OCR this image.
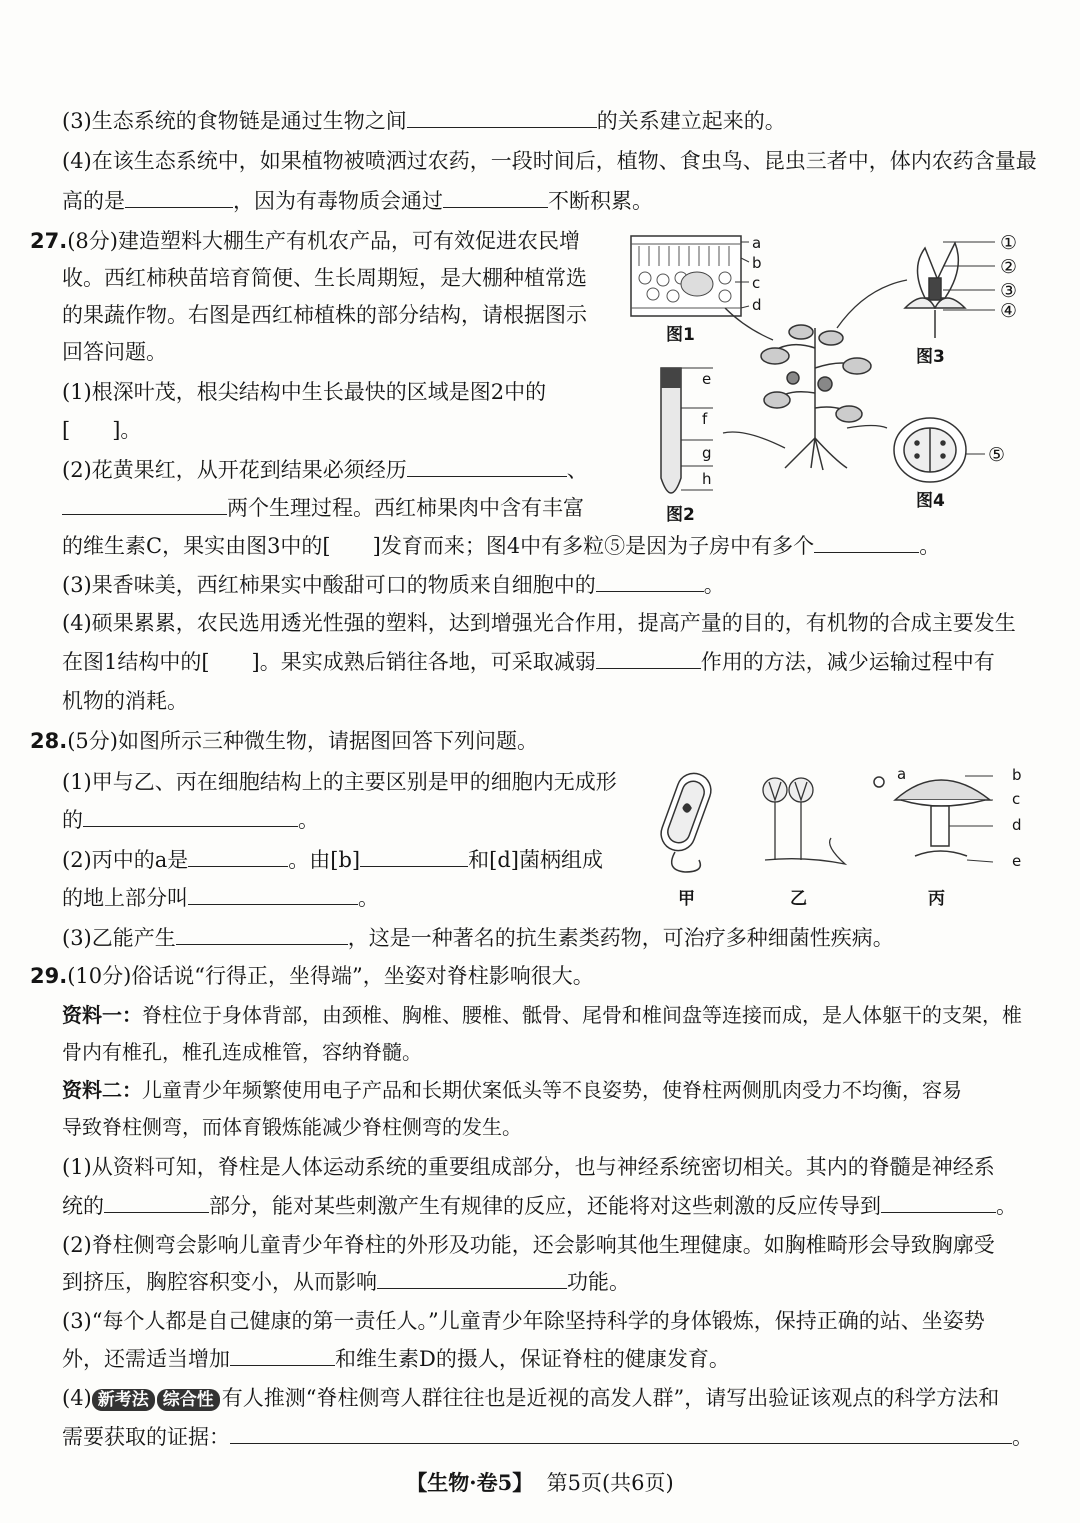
(3)生态系统的食物链是通过生物之间	的关系建立起来的。
(4)在该生态系统中，如果植物被喷洒过农药，一段时间后，植物、食虫鸟、昆虫三者中，体内农药含量最
高的是	，因为有毒物质会通过	不断积累。
27.(8分)建造塑料大棚生产有机农产品，可有效促进农民增
收。西红柿秧苗培育简便、生长周期短，是大棚种植常选
的果蔬作物。右图是西红柿植株的部分结构，请根据图示
回答问题。
(1)根深叶茂，根尖结构中生长最快的区域是图2中的
[　　]。
(2)花黄果红，从开花到结果必须经历	、
两个生理过程。西红柿果肉中含有丰富
的维生素C，果实由图3中的[　　]发育而来；图4中有多粒⑤是因为子房中有多个	。
(3)果香味美，西红柿果实中酸甜可口的物质来自细胞中的	。
(4)硕果累累，农民选用透光性强的塑料，达到增强光合作用，提高产量的目的，有机物的合成主要发生
在图1结构中的[　　]。果实成熟后销往各地，可采取减弱	作用的方法，减少运输过程中有
机物的消耗。
a
b
c
d
图1
e
f
g
h
图2
①
②
③
④
图3
⑤
图4
28.(5分)如图所示三种微生物，请据图回答下列问题。
(1)甲与乙、丙在细胞结构上的主要区别是甲的细胞内无成形
的	。
(2)丙中的a是	。由[b]	和[d]菌柄组成
的地上部分叫	。
(3)乙能产生	，这是一种著名的抗生素类药物，可治疗多种细菌性疾病。
a	b
c
d
e
甲	乙	丙
29.(10分)俗话说“行得正，坐得端”，坐姿对脊柱影响很大。
资料一：脊柱位于身体背部，由颈椎、胸椎、腰椎、骶骨、尾骨和椎间盘等连接而成，是人体躯干的支架，椎
骨内有椎孔，椎孔连成椎管，容纳脊髓。
资料二：儿童青少年频繁使用电子产品和长期伏案低头等不良姿势，使脊柱两侧肌肉受力不均衡，容易
导致脊柱侧弯，而体育锻炼能减少脊柱侧弯的发生。
(1)从资料可知，脊柱是人体运动系统的重要组成部分，也与神经系统密切相关。其内的脊髓是神经系
统的	部分，能对某些刺激产生有规律的反应，还能将对这些刺激的反应传导到	。
(2)脊柱侧弯会影响儿童青少年脊柱的外形及功能，还会影响其他生理健康。如胸椎畸形会导致胸廓受
到挤压，胸腔容积变小，从而影响	功能。
(3)“每个人都是自己健康的第一责任人。”儿童青少年除坚持科学的身体锻炼，保持正确的站、坐姿势
外，还需适当增加	和维生素D的摄人，保证脊柱的健康发育。
(4) 新考法 综合性 有人推测“脊柱侧弯人群往往也是近视的高发人群”，请写出验证该观点的科学方法和
需要获取的证据：	。
【生物·卷5】 第5页(共6页)
